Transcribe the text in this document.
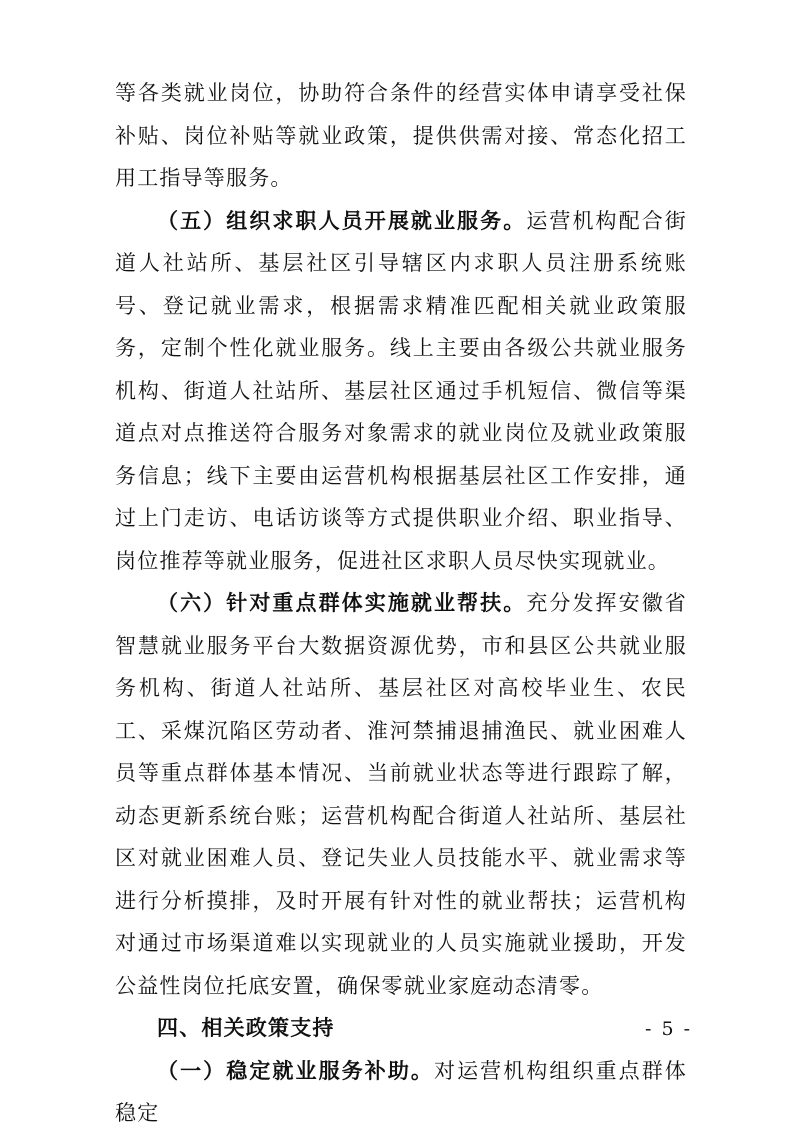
等各类就业岗位，协助符合条件的经营实体申请享受社保补贴、岗位补贴等就业政策，提供供需对接、常态化招工用工指导等服务。

（五）组织求职人员开展就业服务。运营机构配合街道人社站所、基层社区引导辖区内求职人员注册系统账号、登记就业需求，根据需求精准匹配相关就业政策服务，定制个性化就业服务。线上主要由各级公共就业服务机构、街道人社站所、基层社区通过手机短信、微信等渠道点对点推送符合服务对象需求的就业岗位及就业政策服务信息；线下主要由运营机构根据基层社区工作安排，通过上门走访、电话访谈等方式提供职业介绍、职业指导、岗位推荐等就业服务，促进社区求职人员尽快实现就业。

（六）针对重点群体实施就业帮扶。充分发挥安徽省智慧就业服务平台大数据资源优势，市和县区公共就业服务机构、街道人社站所、基层社区对高校毕业生、农民工、采煤沉陷区劳动者、淮河禁捕退捕渔民、就业困难人员等重点群体基本情况、当前就业状态等进行跟踪了解，动态更新系统台账；运营机构配合街道人社站所、基层社区对就业困难人员、登记失业人员技能水平、就业需求等进行分析摸排，及时开展有针对性的就业帮扶；运营机构对通过市场渠道难以实现就业的人员实施就业援助，开发公益性岗位托底安置，确保零就业家庭动态清零。

四、相关政策支持

（一）稳定就业服务补助。对运营机构组织重点群体稳定

- 5 -
